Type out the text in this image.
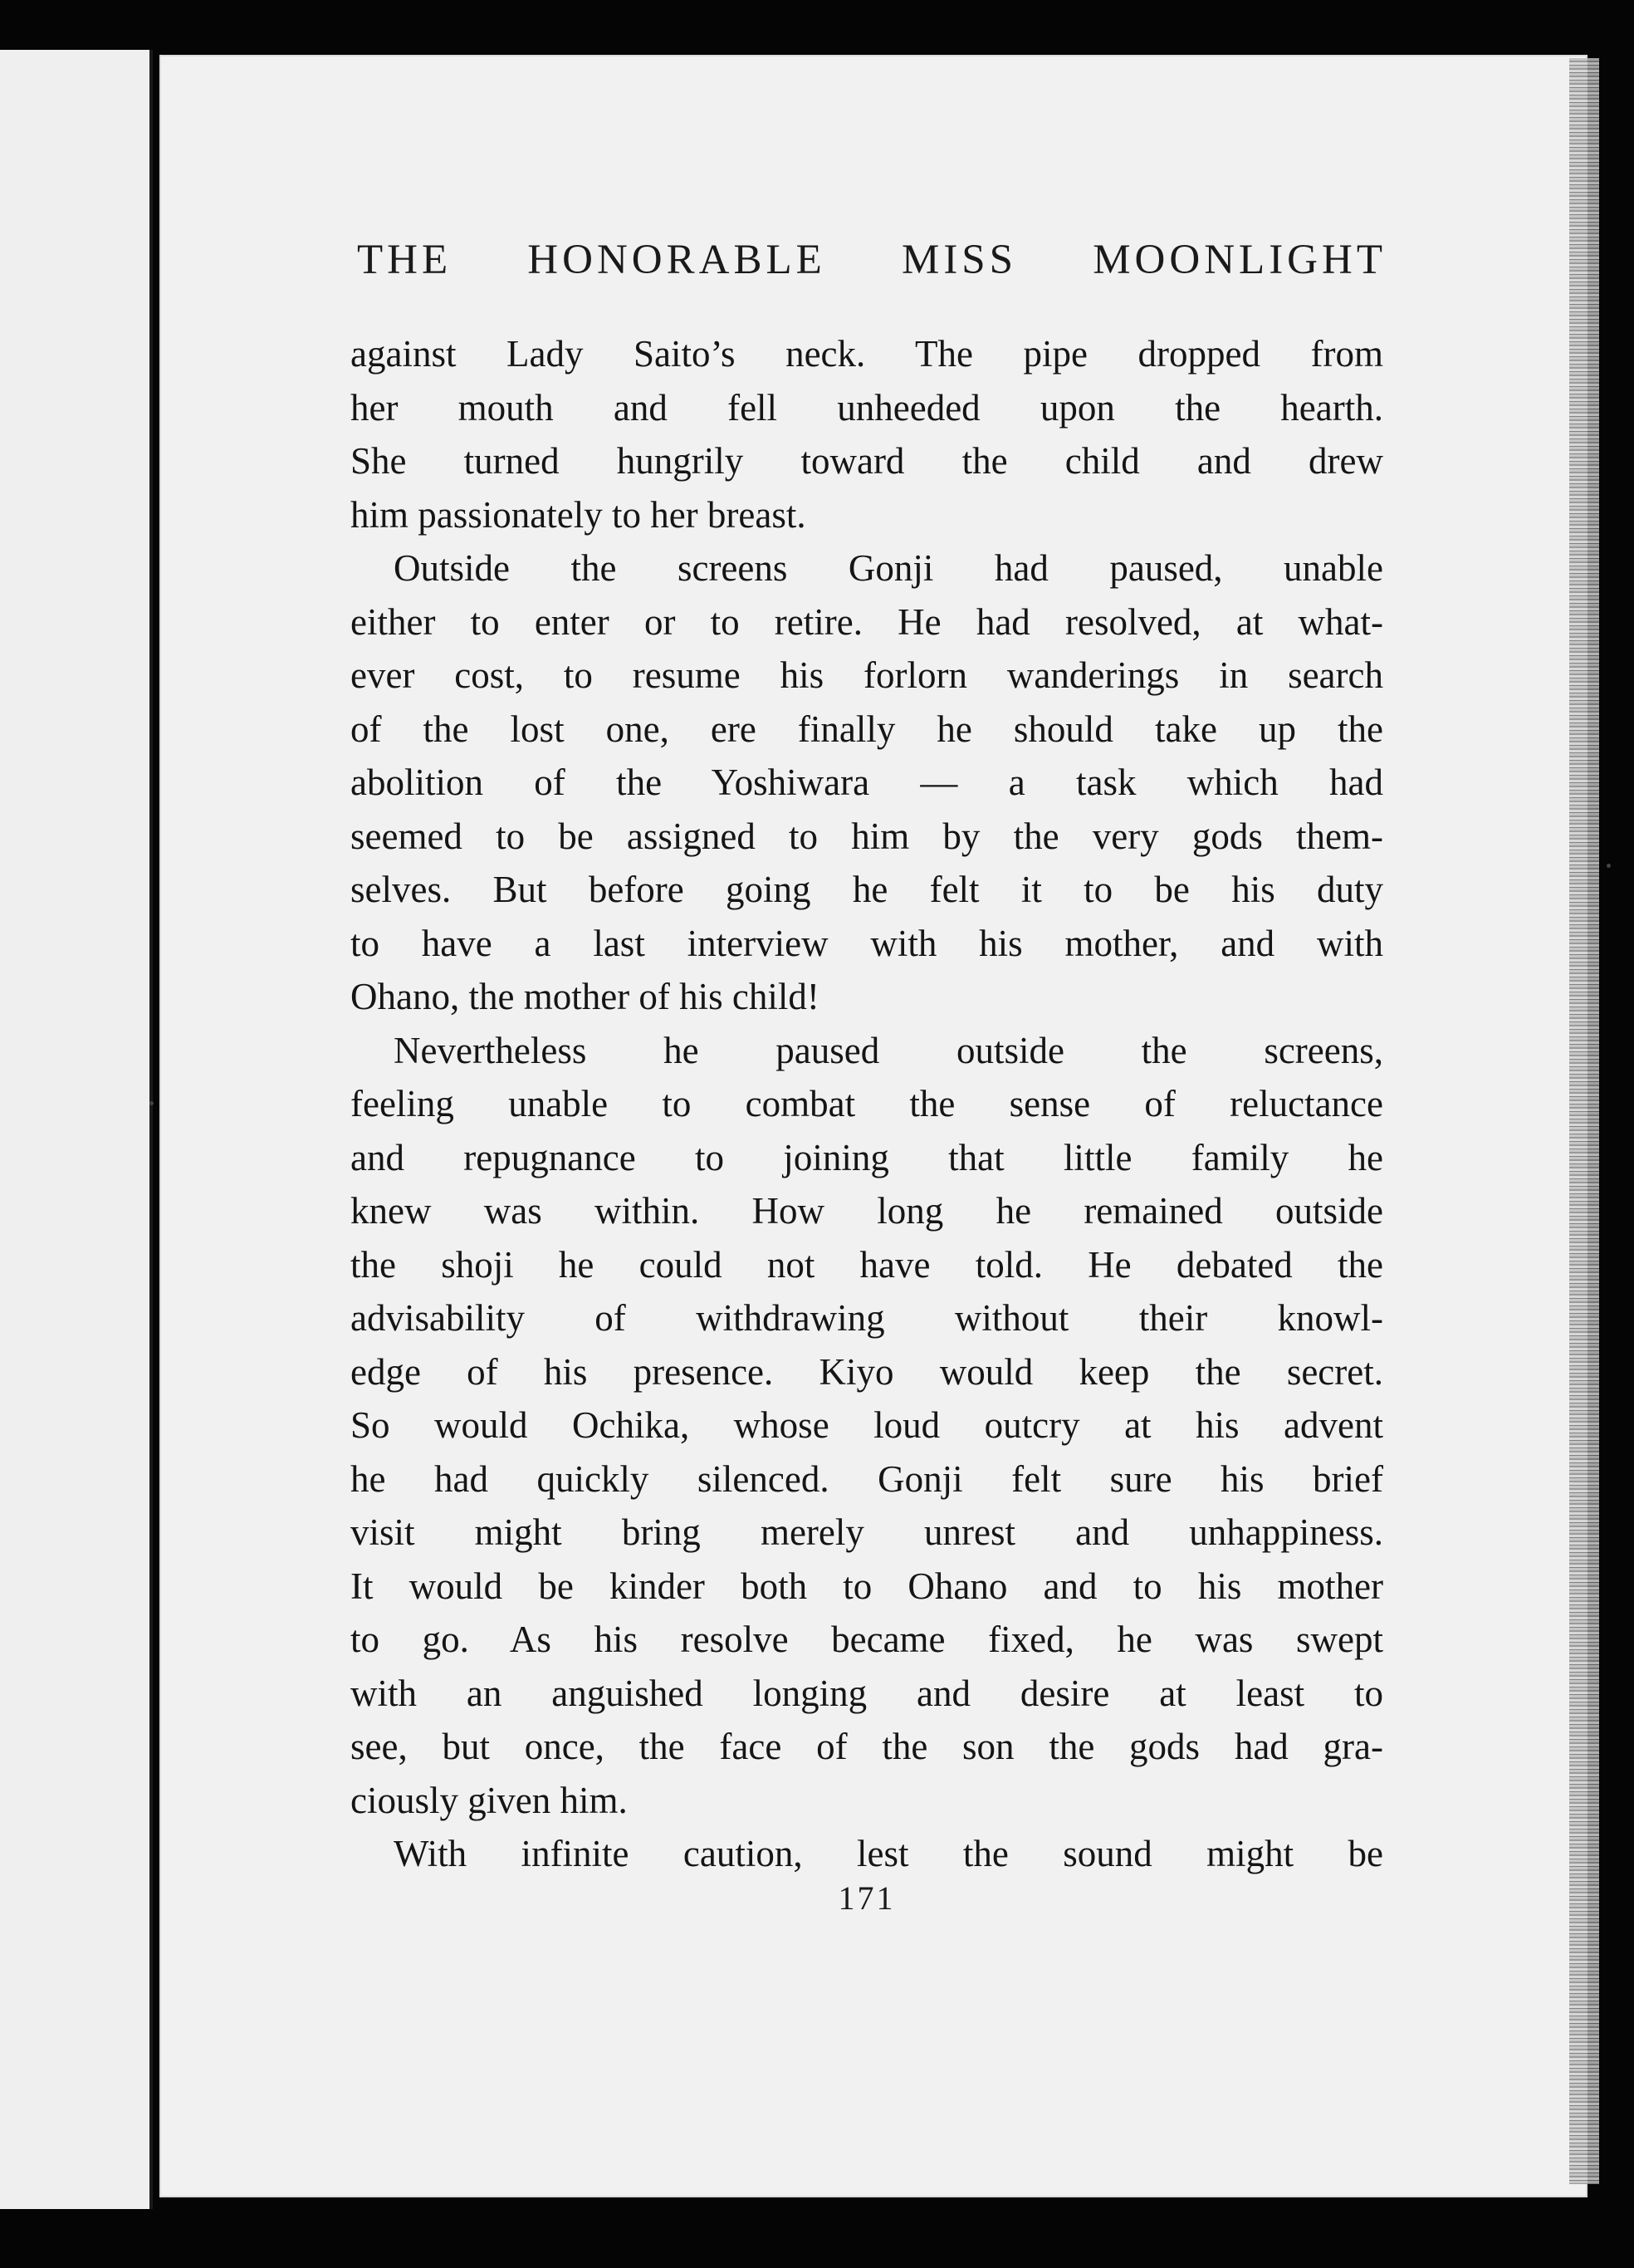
THE HONORABLE MISS MOONLIGHT
against Lady Saito’s neck. The pipe dropped from
her mouth and fell unheeded upon the hearth.
She turned hungrily toward the child and drew
him passionately to her breast.
Outside the screens Gonji had paused, unable
either to enter or to retire. He had resolved, at what-
ever cost, to resume his forlorn wanderings in search
of the lost one, ere finally he should take up the
abolition of the Yoshiwara — a task which had
seemed to be assigned to him by the very gods them-
selves. But before going he felt it to be his duty
to have a last interview with his mother, and with
Ohano, the mother of his child!
Nevertheless he paused outside the screens,
feeling unable to combat the sense of reluctance
and repugnance to joining that little family he
knew was within. How long he remained outside
the shoji he could not have told. He debated the
advisability of withdrawing without their knowl-
edge of his presence. Kiyo would keep the secret.
So would Ochika, whose loud outcry at his advent
he had quickly silenced. Gonji felt sure his brief
visit might bring merely unrest and unhappiness.
It would be kinder both to Ohano and to his mother
to go. As his resolve became fixed, he was swept
with an anguished longing and desire at least to
see, but once, the face of the son the gods had gra-
ciously given him.
With infinite caution, lest the sound might be
171
